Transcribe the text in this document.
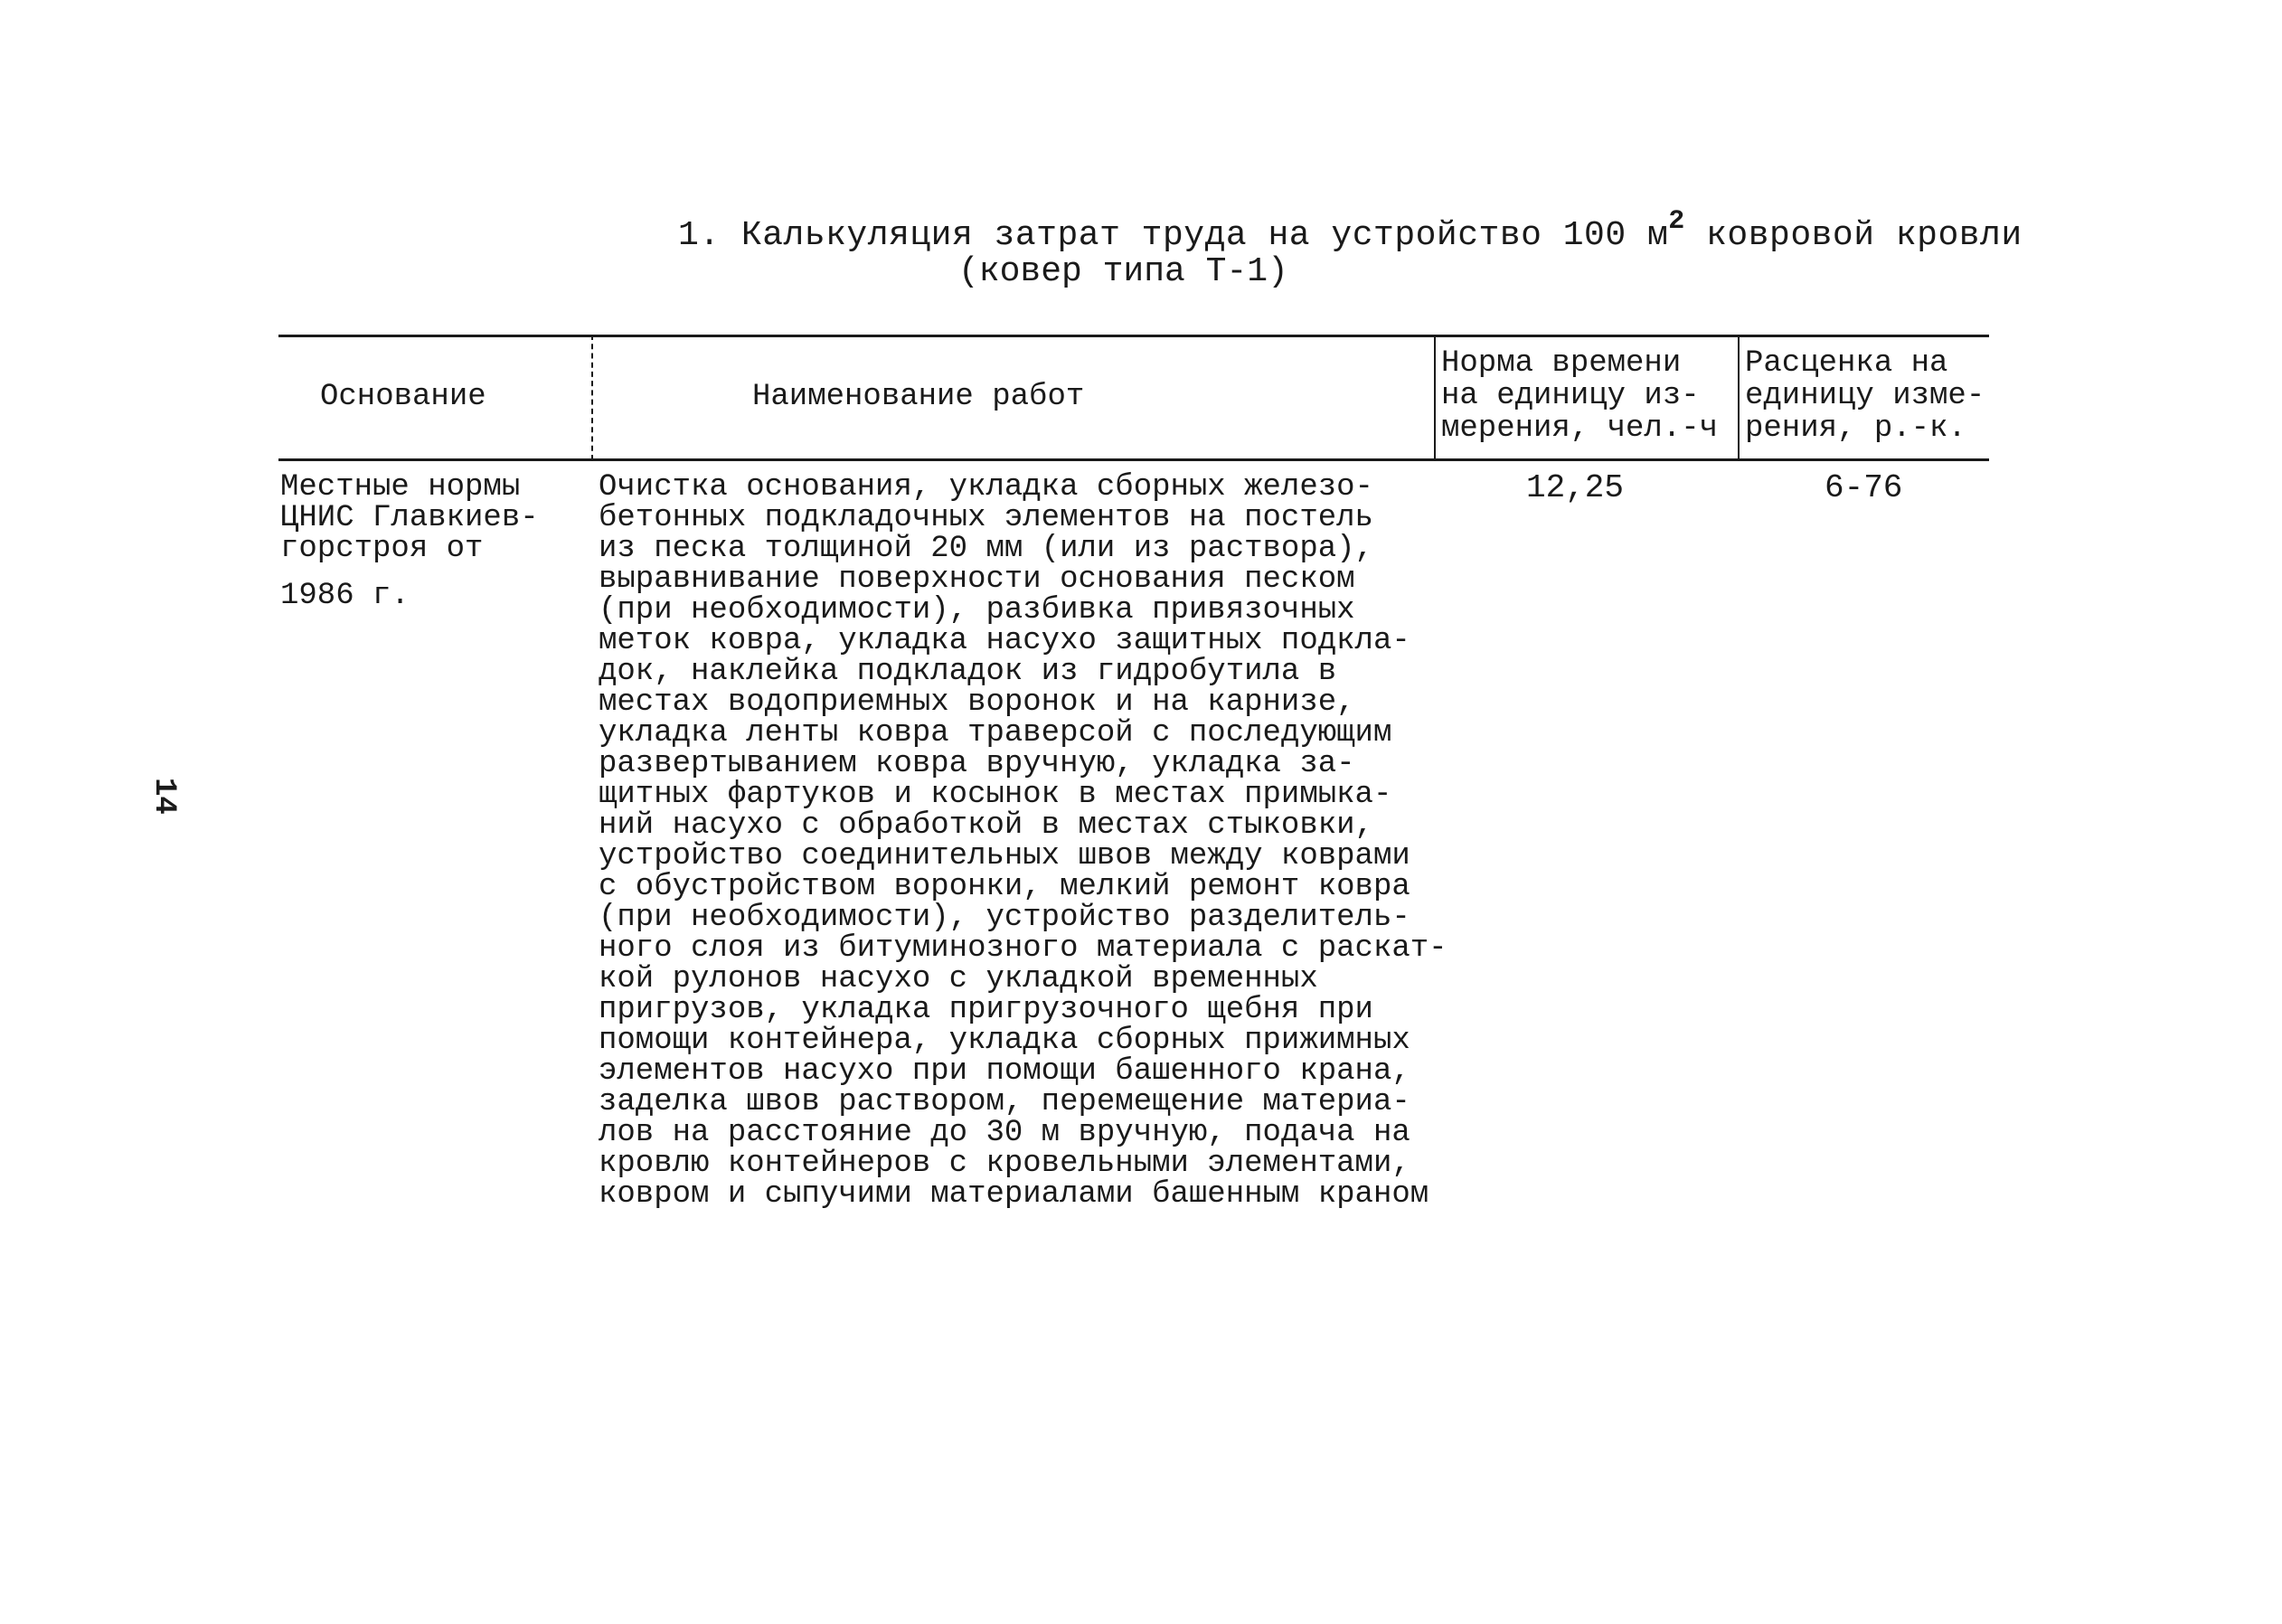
1. Калькуляция затрат труда на устройство 100 $м^2$ ковровой кровли
(ковер типа Т-1)
14
Основание	Наименование работ
Норма времени
на единицу из-
мерения, чел.-ч
Расценка на
единицу изме-
рения, р.-к.
Местные нормы
ЦНИС Главкиев-
горстроя от
1986 г.
Очистка основания, укладка сборных железо-
бетонных подкладочных элементов на постель
из песка толщиной 20 мм (или из раствора),
выравнивание поверхности основания песком
(при необходимости), разбивка привязочных
меток ковра, укладка насухо защитных подкла-
док, наклейка подкладок из гидробутила в
местах водоприемных воронок и на карнизе,
укладка ленты ковра траверсой с последующим
развертыванием ковра вручную, укладка за-
щитных фартуков и косынок в местах примыка-
ний насухо с обработкой в местах стыковки,
устройство соединительных швов между коврами
с обустройством воронки, мелкий ремонт ковра
(при необходимости), устройство разделитель-
ного слоя из битуминозного материала с раскат-
кой рулонов насухо с укладкой временных
пригрузов, укладка пригрузочного щебня при
помощи контейнера, укладка сборных прижимных
элементов насухо при помощи башенного крана,
заделка швов раствором, перемещение материа-
лов на расстояние до 30 м вручную, подача на
кровлю контейнеров с кровельными элементами,
ковром и сыпучими материалами башенным краном
12,25	6-76
